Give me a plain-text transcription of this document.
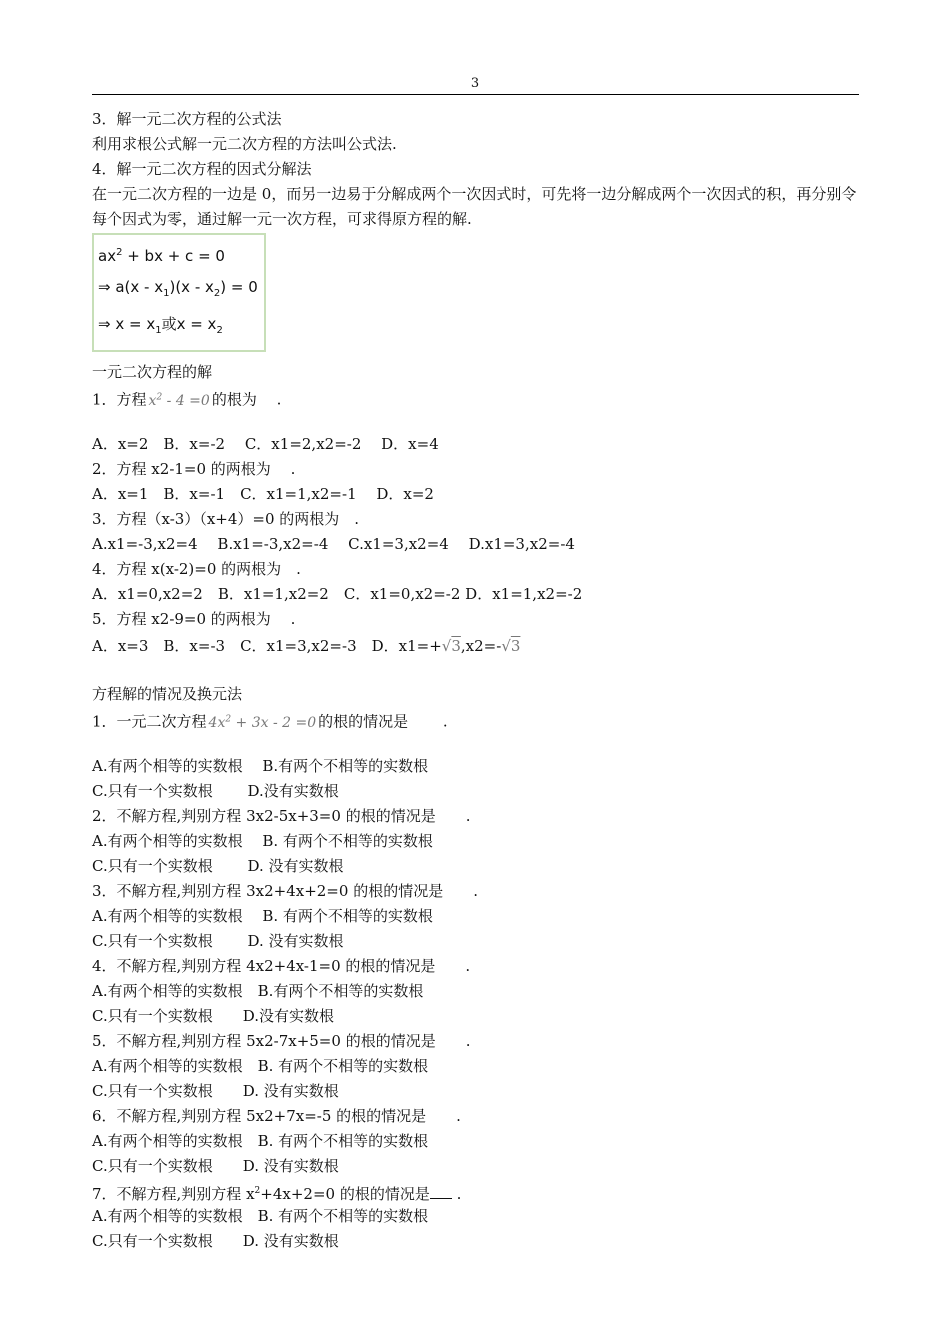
3
3．解一元二次方程的公式法
利用求根公式解一元二次方程的方法叫公式法.
4．解一元二次方程的因式分解法
在一元二次方程的一边是 0，而另一边易于分解成两个一次因式时，可先将一边分解成两个一次因式的积，再分别令每个因式为零，通过解一元一次方程，可求得原方程的解.
$ax^2$ + bx + c = 0
⇒ $a(x - x_1)(x - x_2) = 0$
⇒ $x = x_1$或$x = x_2$
一元二次方程的解
1．方程 $x^2 - 4 =0$ 的根为　 .
A．x=2　B．x=-2　 C．x1=2,x2=-2　 D．x=4
2．方程 x2-1=0 的两根为　 .
A．x=1　B．x=-1　C．x1=1,x2=-1　 D．x=2
3．方程（x-3）（x+4）=0 的两根为　.
A.x1=-3,x2=4　 B.x1=-3,x2=-4　 C.x1=3,x2=4　 D.x1=3,x2=-4
4．方程 x(x-2)=0 的两根为　.
A．x1=0,x2=2　B．x1=1,x2=2　C．x1=0,x2=-2 D．x1=1,x2=-2
5．方程 x2-9=0 的两根为　 .
A．x=3　B．x=-3　C．x1=3,x2=-3　D．x1=+√3,x2=-√3
方程解的情况及换元法
1．一元二次方程 $4x^2 + 3x - 2 =0$ 的根的情况是　　 .
A.有两个相等的实数根　 B.有两个不相等的实数根
C.只有一个实数根　　 D.没有实数根
2．不解方程,判别方程 3x2-5x+3=0 的根的情况是　　.
A.有两个相等的实数根　 B. 有两个不相等的实数根
C.只有一个实数根　　 D. 没有实数根
3．不解方程,判别方程 3x2+4x+2=0 的根的情况是　　.
A.有两个相等的实数根　 B. 有两个不相等的实数根
C.只有一个实数根　　 D. 没有实数根
4．不解方程,判别方程 4x2+4x-1=0 的根的情况是　　.
A.有两个相等的实数根　B.有两个不相等的实数根
C.只有一个实数根　　D.没有实数根
5．不解方程,判别方程 5x2-7x+5=0 的根的情况是　　.
A.有两个相等的实数根　B. 有两个不相等的实数根
C.只有一个实数根　　D. 没有实数根
6．不解方程,判别方程 5x2+7x=-5 的根的情况是　　.
A.有两个相等的实数根　B. 有两个不相等的实数根
C.只有一个实数根　　D. 没有实数根
7．不解方程,判别方程 $x^2+4x+2=0$ 的根的情况是 .
A.有两个相等的实数根　B. 有两个不相等的实数根
C.只有一个实数根　　D. 没有实数根
